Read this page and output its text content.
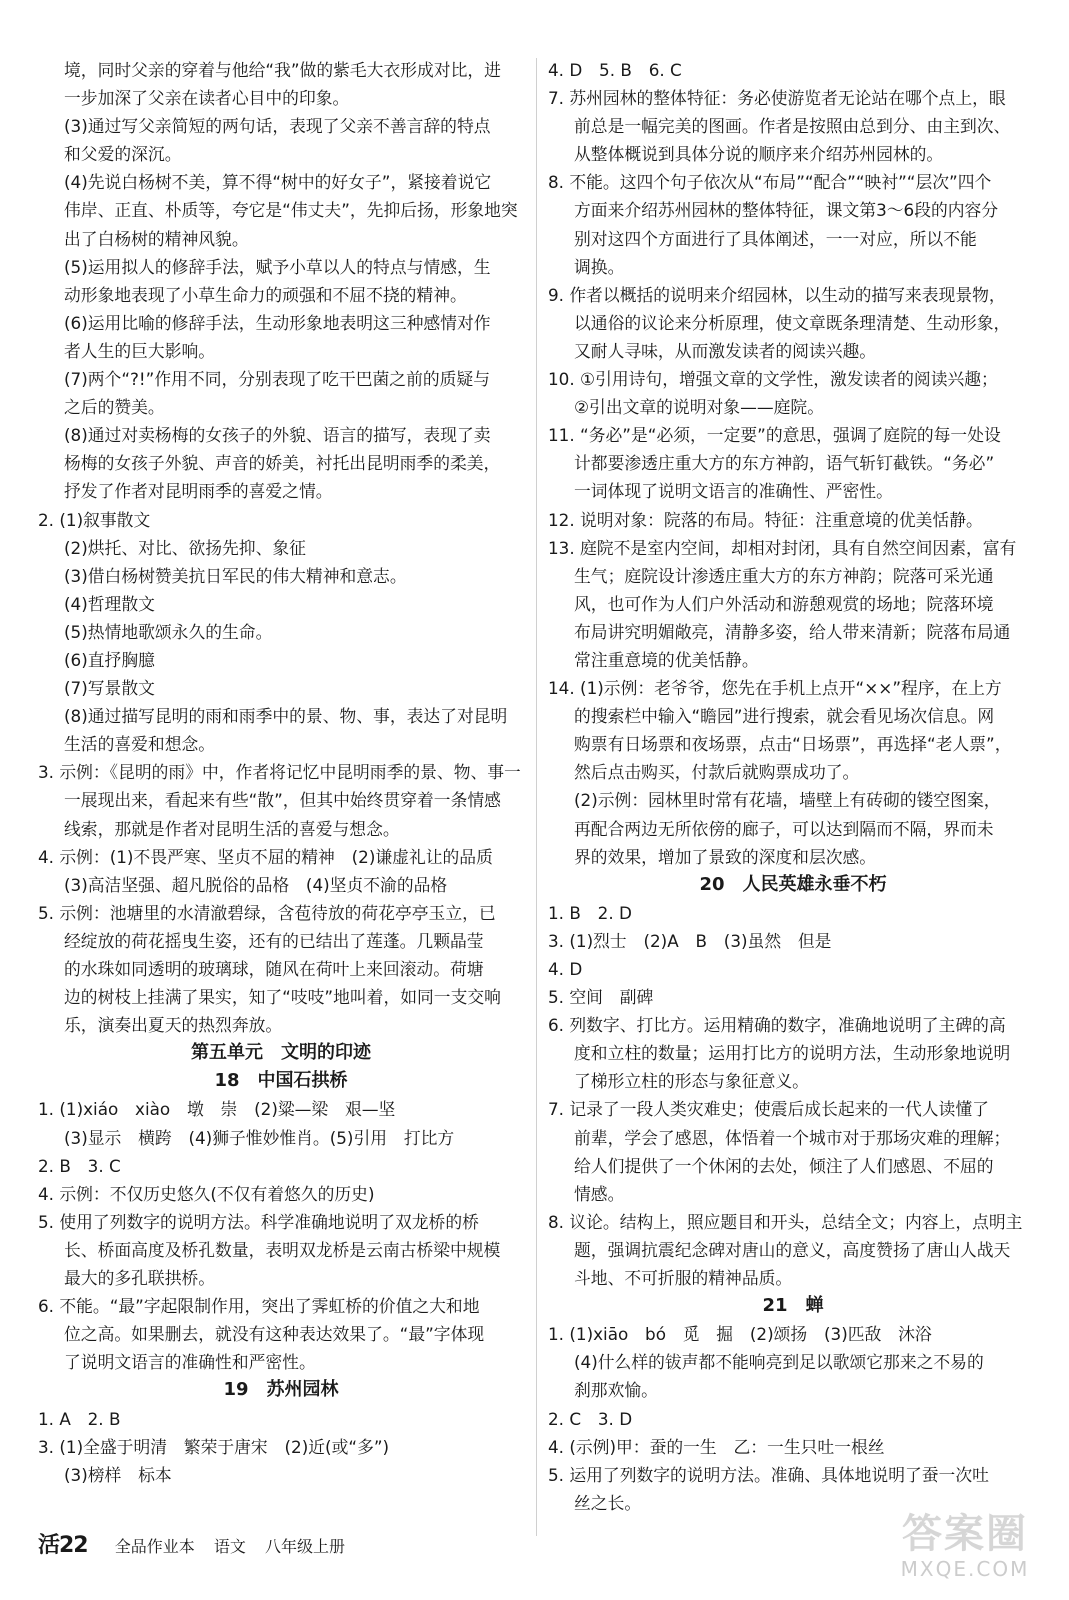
境，同时父亲的穿着与他给“我”做的紫毛大衣形成对比，进
一步加深了父亲在读者心目中的印象。
(3)通过写父亲简短的两句话，表现了父亲不善言辞的特点
和父爱的深沉。
(4)先说白杨树不美，算不得“树中的好女子”，紧接着说它
伟岸、正直、朴质等，夸它是“伟丈夫”，先抑后扬，形象地突
出了白杨树的精神风貌。
(5)运用拟人的修辞手法，赋予小草以人的特点与情感，生
动形象地表现了小草生命力的顽强和不屈不挠的精神。
(6)运用比喻的修辞手法，生动形象地表明这三种感情对作
者人生的巨大影响。
(7)两个“?!”作用不同，分别表现了吃干巴菌之前的质疑与
之后的赞美。
(8)通过对卖杨梅的女孩子的外貌、语言的描写，表现了卖
杨梅的女孩子外貌、声音的娇美，衬托出昆明雨季的柔美，
抒发了作者对昆明雨季的喜爱之情。
2. (1)叙事散文
(2)烘托、对比、欲扬先抑、象征
(3)借白杨树赞美抗日军民的伟大精神和意志。
(4)哲理散文
(5)热情地歌颂永久的生命。
(6)直抒胸臆
(7)写景散文
(8)通过描写昆明的雨和雨季中的景、物、事，表达了对昆明
生活的喜爱和想念。
3. 示例：《昆明的雨》中，作者将记忆中昆明雨季的景、物、事一
一展现出来，看起来有些“散”，但其中始终贯穿着一条情感
线索，那就是作者对昆明生活的喜爱与想念。
4. 示例：(1)不畏严寒、坚贞不屈的精神　(2)谦虚礼让的品质
(3)高洁坚强、超凡脱俗的品格　(4)坚贞不渝的品格
5. 示例：池塘里的水清澈碧绿，含苞待放的荷花亭亭玉立，已
经绽放的荷花摇曳生姿，还有的已结出了莲蓬。几颗晶莹
的水珠如同透明的玻璃球，随风在荷叶上来回滚动。荷塘
边的树枝上挂满了果实，知了“吱吱”地叫着，如同一支交响
乐，演奏出夏天的热烈奔放。
第五单元　文明的印迹
18　中国石拱桥
1. (1)xiáo　xiào　墩　崇　(2)粱—梁　艰—坚
(3)显示　横跨　(4)狮子惟妙惟肖。(5)引用　打比方
2. B　3. C
4. 示例：不仅历史悠久(不仅有着悠久的历史)
5. 使用了列数字的说明方法。科学准确地说明了双龙桥的桥
长、桥面高度及桥孔数量，表明双龙桥是云南古桥梁中规模
最大的多孔联拱桥。
6. 不能。“最”字起限制作用，突出了霁虹桥的价值之大和地
位之高。如果删去，就没有这种表达效果了。“最”字体现
了说明文语言的准确性和严密性。
19　苏州园林
1. A　2. B
3. (1)全盛于明清　繁荣于唐宋　(2)近(或“多”)
(3)榜样　标本
4. D　5. B　6. C
7. 苏州园林的整体特征：务必使游览者无论站在哪个点上，眼
前总是一幅完美的图画。作者是按照由总到分、由主到次、
从整体概说到具体分说的顺序来介绍苏州园林的。
8. 不能。这四个句子依次从“布局”“配合”“映衬”“层次”四个
方面来介绍苏州园林的整体特征，课文第3～6段的内容分
别对这四个方面进行了具体阐述，一一对应，所以不能
调换。
9. 作者以概括的说明来介绍园林，以生动的描写来表现景物，
以通俗的议论来分析原理，使文章既条理清楚、生动形象，
又耐人寻味，从而激发读者的阅读兴趣。
10. ①引用诗句，增强文章的文学性，激发读者的阅读兴趣；
②引出文章的说明对象——庭院。
11. “务必”是“必须，一定要”的意思，强调了庭院的每一处设
计都要渗透庄重大方的东方神韵，语气斩钉截铁。“务必”
一词体现了说明文语言的准确性、严密性。
12. 说明对象：院落的布局。特征：注重意境的优美恬静。
13. 庭院不是室内空间，却相对封闭，具有自然空间因素，富有
生气；庭院设计渗透庄重大方的东方神韵；院落可采光通
风，也可作为人们户外活动和游憩观赏的场地；院落环境
布局讲究明媚敞亮，清静多姿，给人带来清新；院落布局通
常注重意境的优美恬静。
14. (1)示例：老爷爷，您先在手机上点开“××”程序，在上方
的搜索栏中输入“瞻园”进行搜索，就会看见场次信息。网
购票有日场票和夜场票，点击“日场票”，再选择“老人票”，
然后点击购买，付款后就购票成功了。
(2)示例：园林里时常有花墙，墙壁上有砖砌的镂空图案，
再配合两边无所依傍的廊子，可以达到隔而不隔，界而未
界的效果，增加了景致的深度和层次感。
20　人民英雄永垂不朽
1. B　2. D
3. (1)烈士　(2)A　B　(3)虽然　但是
4. D
5. 空间　副碑
6. 列数字、打比方。运用精确的数字，准确地说明了主碑的高
度和立柱的数量；运用打比方的说明方法，生动形象地说明
了梯形立柱的形态与象征意义。
7. 记录了一段人类灾难史；使震后成长起来的一代人读懂了
前辈，学会了感恩，体悟着一个城市对于那场灾难的理解；
给人们提供了一个休闲的去处，倾注了人们感恩、不屈的
情感。
8. 议论。结构上，照应题目和开头，总结全文；内容上，点明主
题，强调抗震纪念碑对唐山的意义，高度赞扬了唐山人战天
斗地、不可折服的精神品质。
21　蝉
1. (1)xiāo　bó　觅　掘　(2)颂扬　(3)匹敌　沐浴
(4)什么样的钹声都不能响亮到足以歌颂它那来之不易的
刹那欢愉。
2. C　3. D
4. (示例)甲：蚕的一生　乙：一生只吐一根丝
5. 运用了列数字的说明方法。准确、具体地说明了蚕一次吐
丝之长。
活22 全品作业本 语文 八年级上册	答案圈
MXQE.COM
